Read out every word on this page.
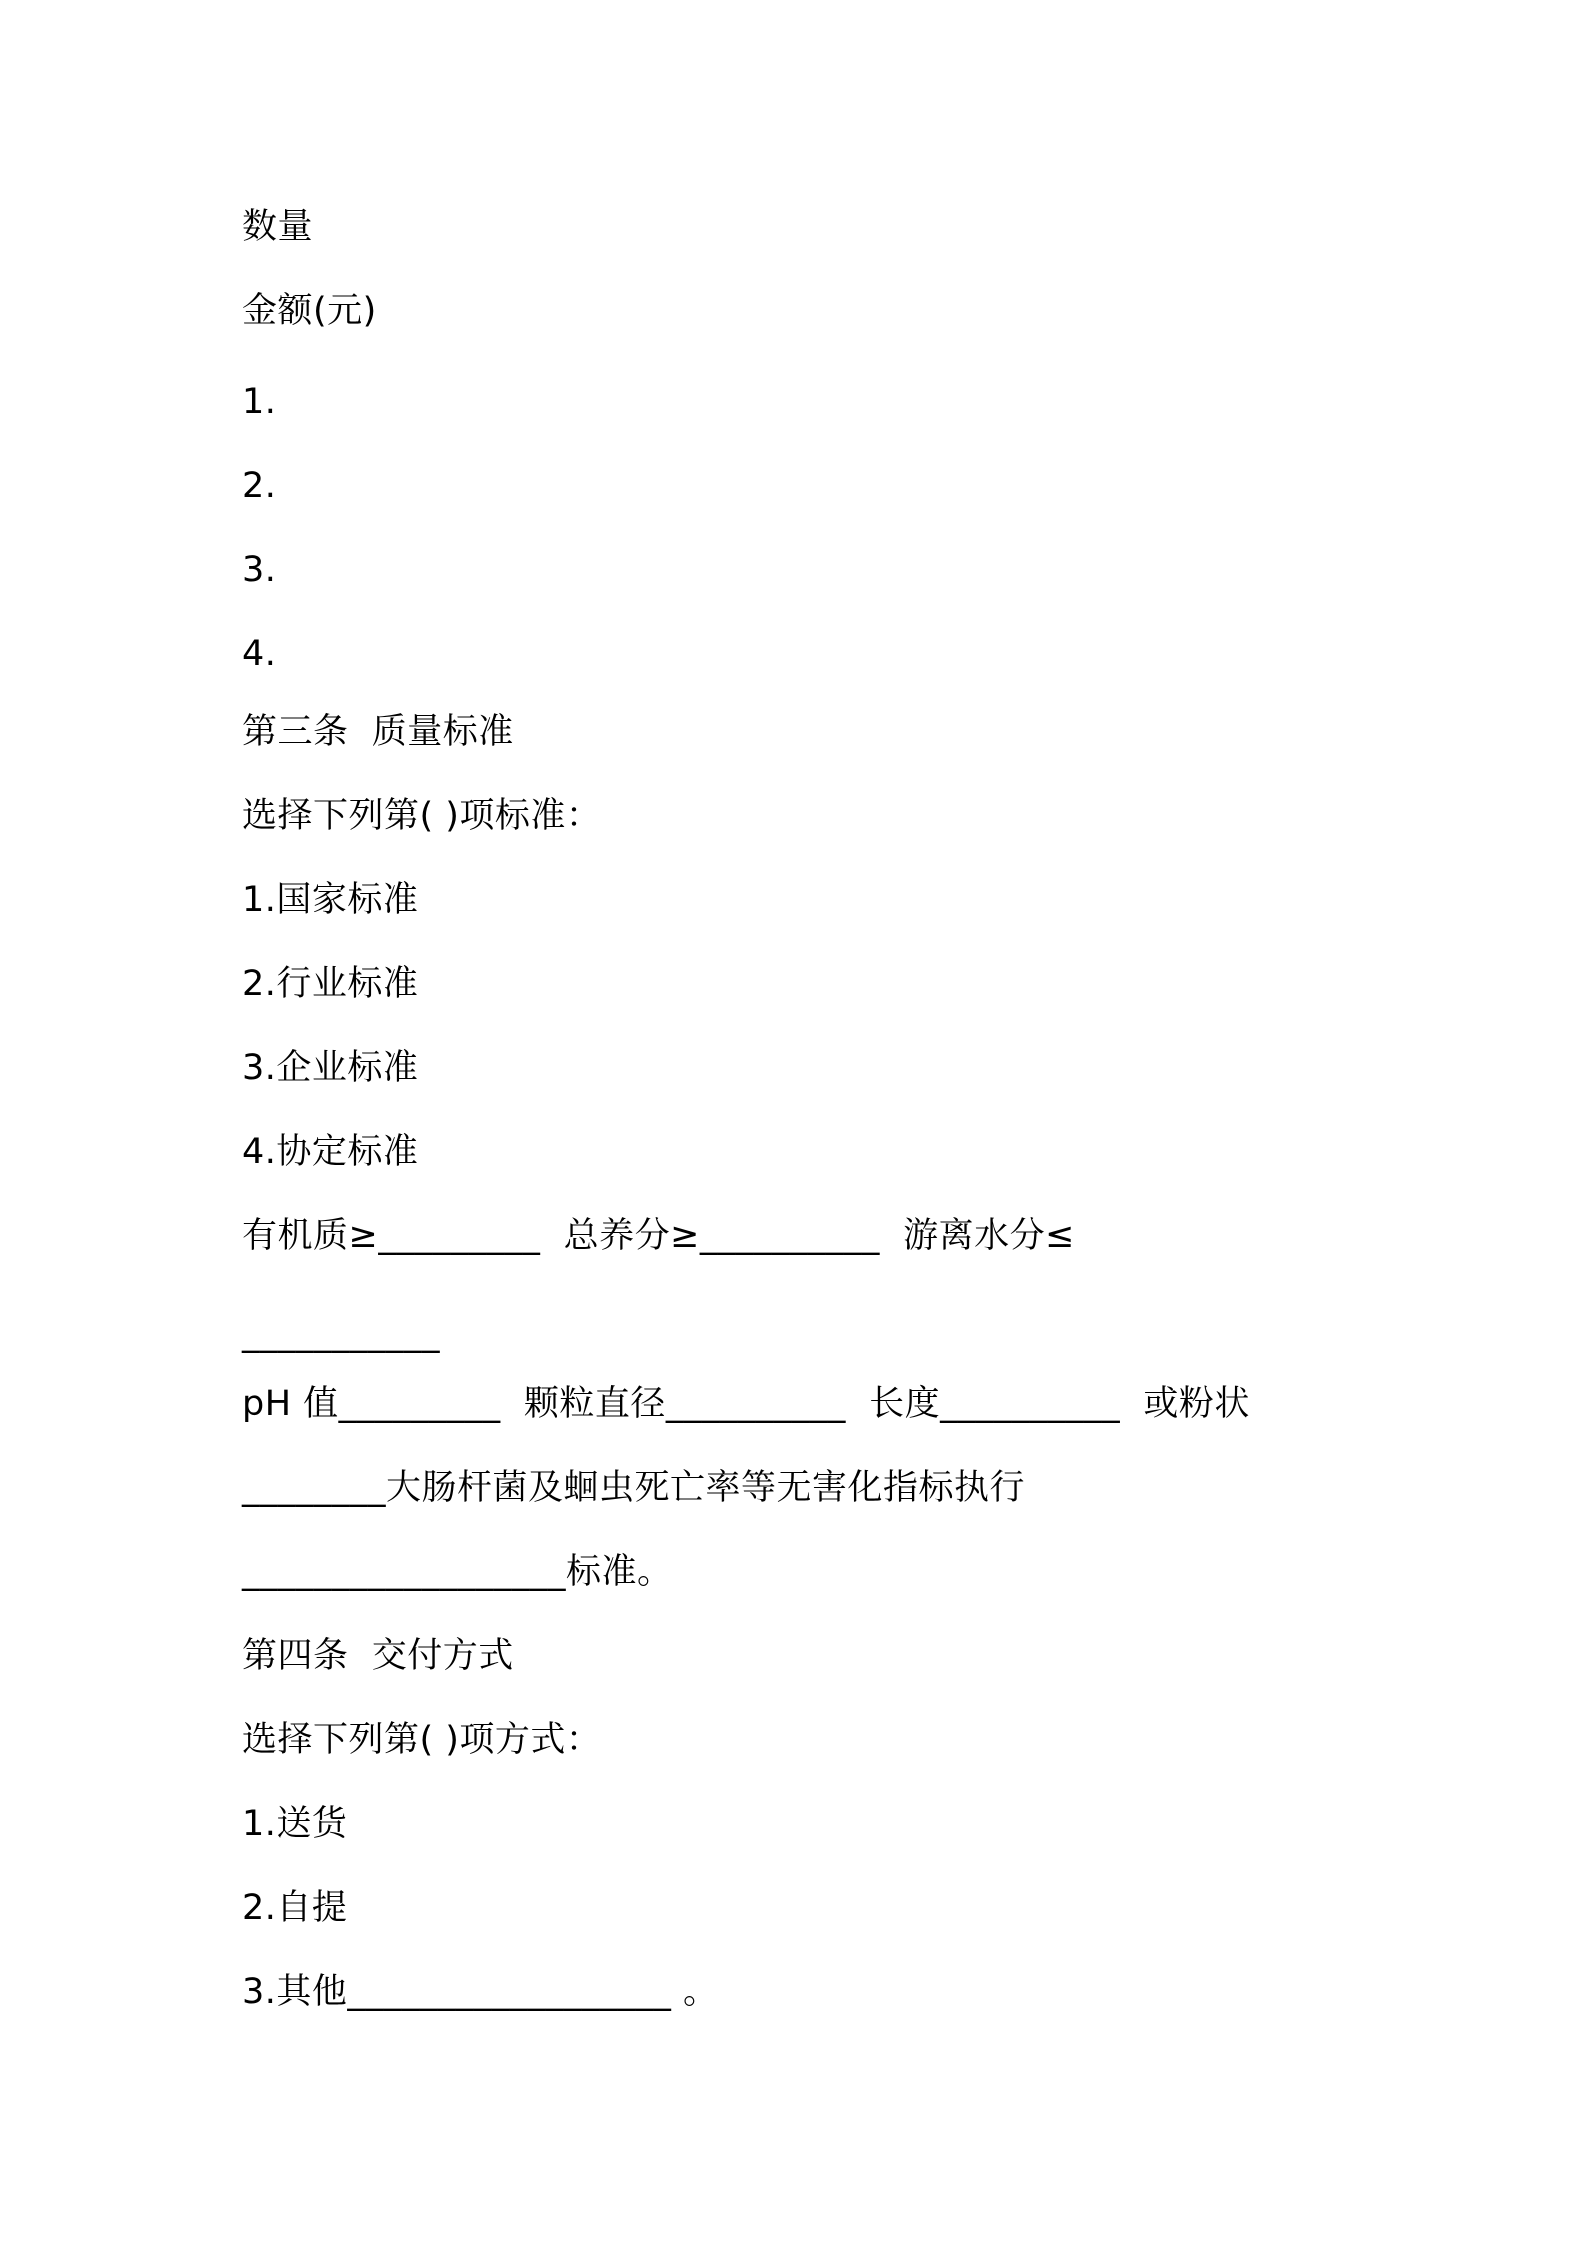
数量
金额(元)
1.
2.
3.
4.
第三条  质量标准
选择下列第( )项标准：
1.国家标准
2.行业标准
3.企业标准
4.协定标准
有机质≥_________  总养分≥__________  游离水分≤
___________
pH 值_________  颗粒直径__________  长度__________  或粉状
________大肠杆菌及蛔虫死亡率等无害化指标执行
__________________标准。
第四条  交付方式
选择下列第( )项方式：
1.送货
2.自提
3.其他__________________ 。
